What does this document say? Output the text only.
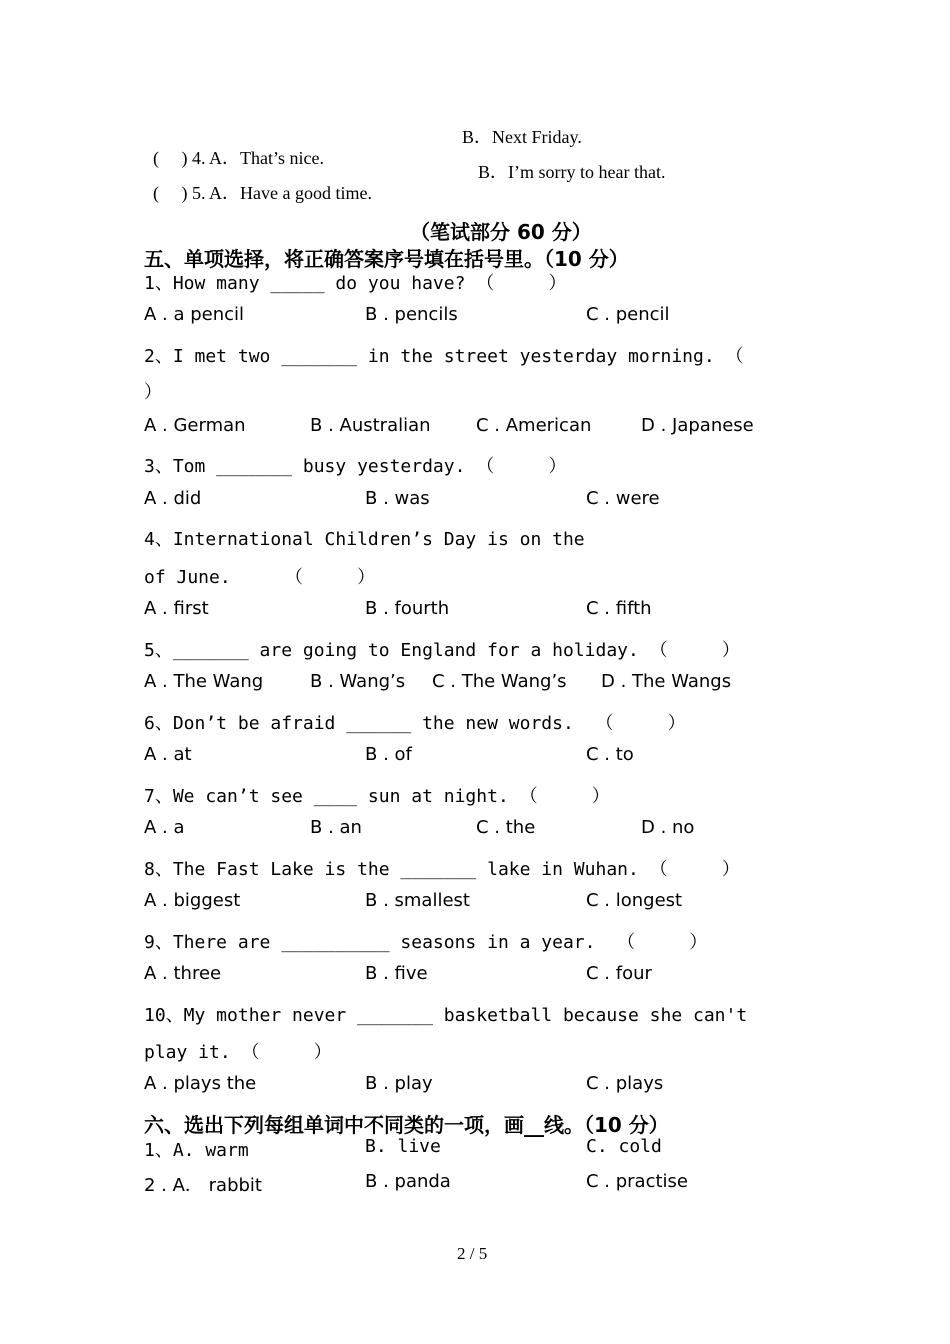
(     ) 4. A．That’s nice.

B．Next Friday.

(     ) 5. A．Have a good time.

B．I’m sorry to hear that.
（笔试部分 60 分）
五、单项选择，将正确答案序号填在括号里。（10 分）
1、How many _____ do you have? （     ）
A . a pencil	B . pencils	C . pencil
2、I met two _______ in the street yesterday morning. （
）
A . German	B . Australian	C . American	D . Japanese
3、Tom _______ busy yesterday. （     ）
A . did	B . was	C . were
4、International Children’s Day is on the
of June.     （     ）
A . first	B . fourth	C . fifth
5、_______ are going to England for a holiday. （     ）
A . The Wang	B . Wang’s C . The Wang’s D . The Wangs
6、Don’t be afraid ______ the new words.  （     ）
A . at	B . of	C . to
7、We can’t see ____ sun at night. （     ）
A . a	B . an	C . the	D . no
8、The Fast Lake is the _______ lake in Wuhan. （     ）
A . biggest	B . smallest	C . longest
9、There are __________ seasons in a year.  （     ）
A . three	B . five	C . four
10、My mother never _______ basketball because she can't
play it. （     ）
A . plays the	B . play	C . plays
六、选出下列每组单词中不同类的一项，画__线。（10 分）
1、A. warm	B. live	C. cold
2 . A． rabbit	B . panda	C . practise
2 / 5
